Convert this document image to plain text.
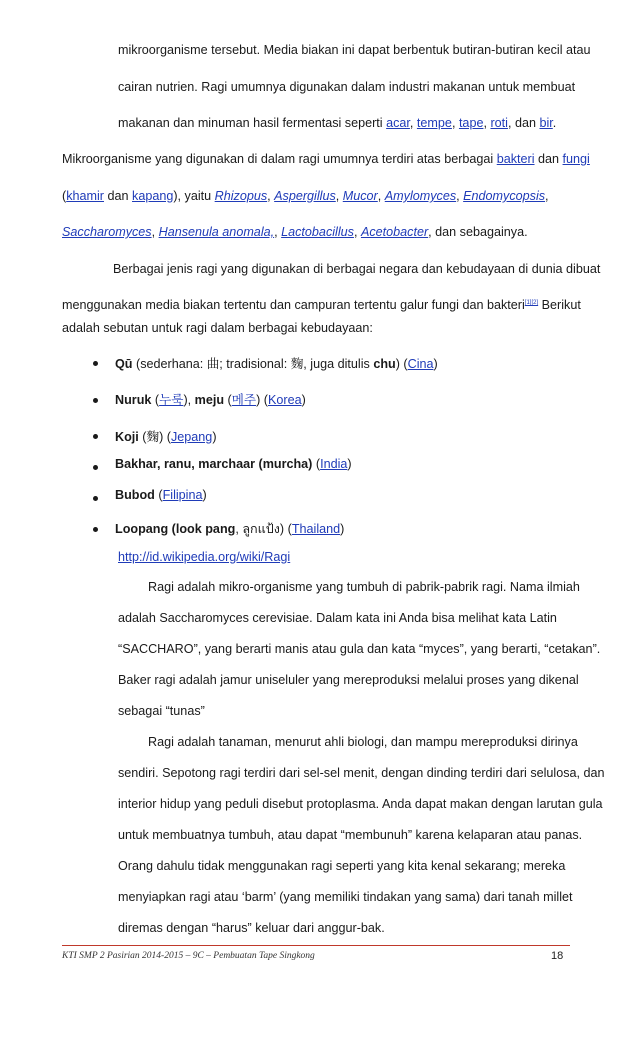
mikroorganisme tersebut. Media biakan ini dapat berbentuk butiran-butiran kecil atau
cairan nutrien. Ragi umumnya digunakan dalam industri makanan untuk membuat
makanan dan minuman hasil fermentasi seperti acar, tempe, tape, roti, dan bir.
Mikroorganisme yang digunakan di dalam ragi umumnya terdiri atas berbagai bakteri dan fungi
(khamir dan kapang), yaitu Rhizopus, Aspergillus, Mucor, Amylomyces, Endomycopsis,
Saccharomyces, Hansenula anomala,, Lactobacillus, Acetobacter, dan sebagainya.
Berbagai jenis ragi yang digunakan di berbagai negara dan kebudayaan di dunia dibuat
menggunakan media biakan tertentu dan campuran tertentu galur fungi dan bakteri[1][2] Berikut
adalah sebutan untuk ragi dalam berbagai kebudayaan:
Qū (sederhana: 曲; tradisional: 麴, juga ditulis chu) (Cina)
Nuruk (누룩), meju (메주) (Korea)
Koji (麴) (Jepang)
Bakhar, ranu, marchaar (murcha) (India)
Bubod (Filipina)
Loopang (look pang, ลูกแป้ง) (Thailand)
http://id.wikipedia.org/wiki/Ragi
Ragi adalah mikro-organisme yang tumbuh di pabrik-pabrik ragi. Nama ilmiah
adalah Saccharomyces cerevisiae. Dalam kata ini Anda bisa melihat kata Latin
“SACCHARO”, yang berarti manis atau gula dan kata “myces”, yang berarti, “cetakan”.
Baker ragi adalah jamur uniseluler yang mereproduksi melalui proses yang dikenal
sebagai “tunas”
Ragi adalah tanaman, menurut ahli biologi, dan mampu mereproduksi dirinya
sendiri. Sepotong ragi terdiri dari sel-sel menit, dengan dinding terdiri dari selulosa, dan
interior hidup yang peduli disebut protoplasma. Anda dapat makan dengan larutan gula
untuk membuatnya tumbuh, atau dapat “membunuh” karena kelaparan atau panas.
Orang dahulu tidak menggunakan ragi seperti yang kita kenal sekarang; mereka
menyiapkan ragi atau ‘barm’ (yang memiliki tindakan yang sama) dari tanah millet
diremas dengan “harus” keluar dari anggur-bak.
KTI SMP 2 Pasirian 2014-2015 – 9C – Pembuatan Tape Singkong	18
